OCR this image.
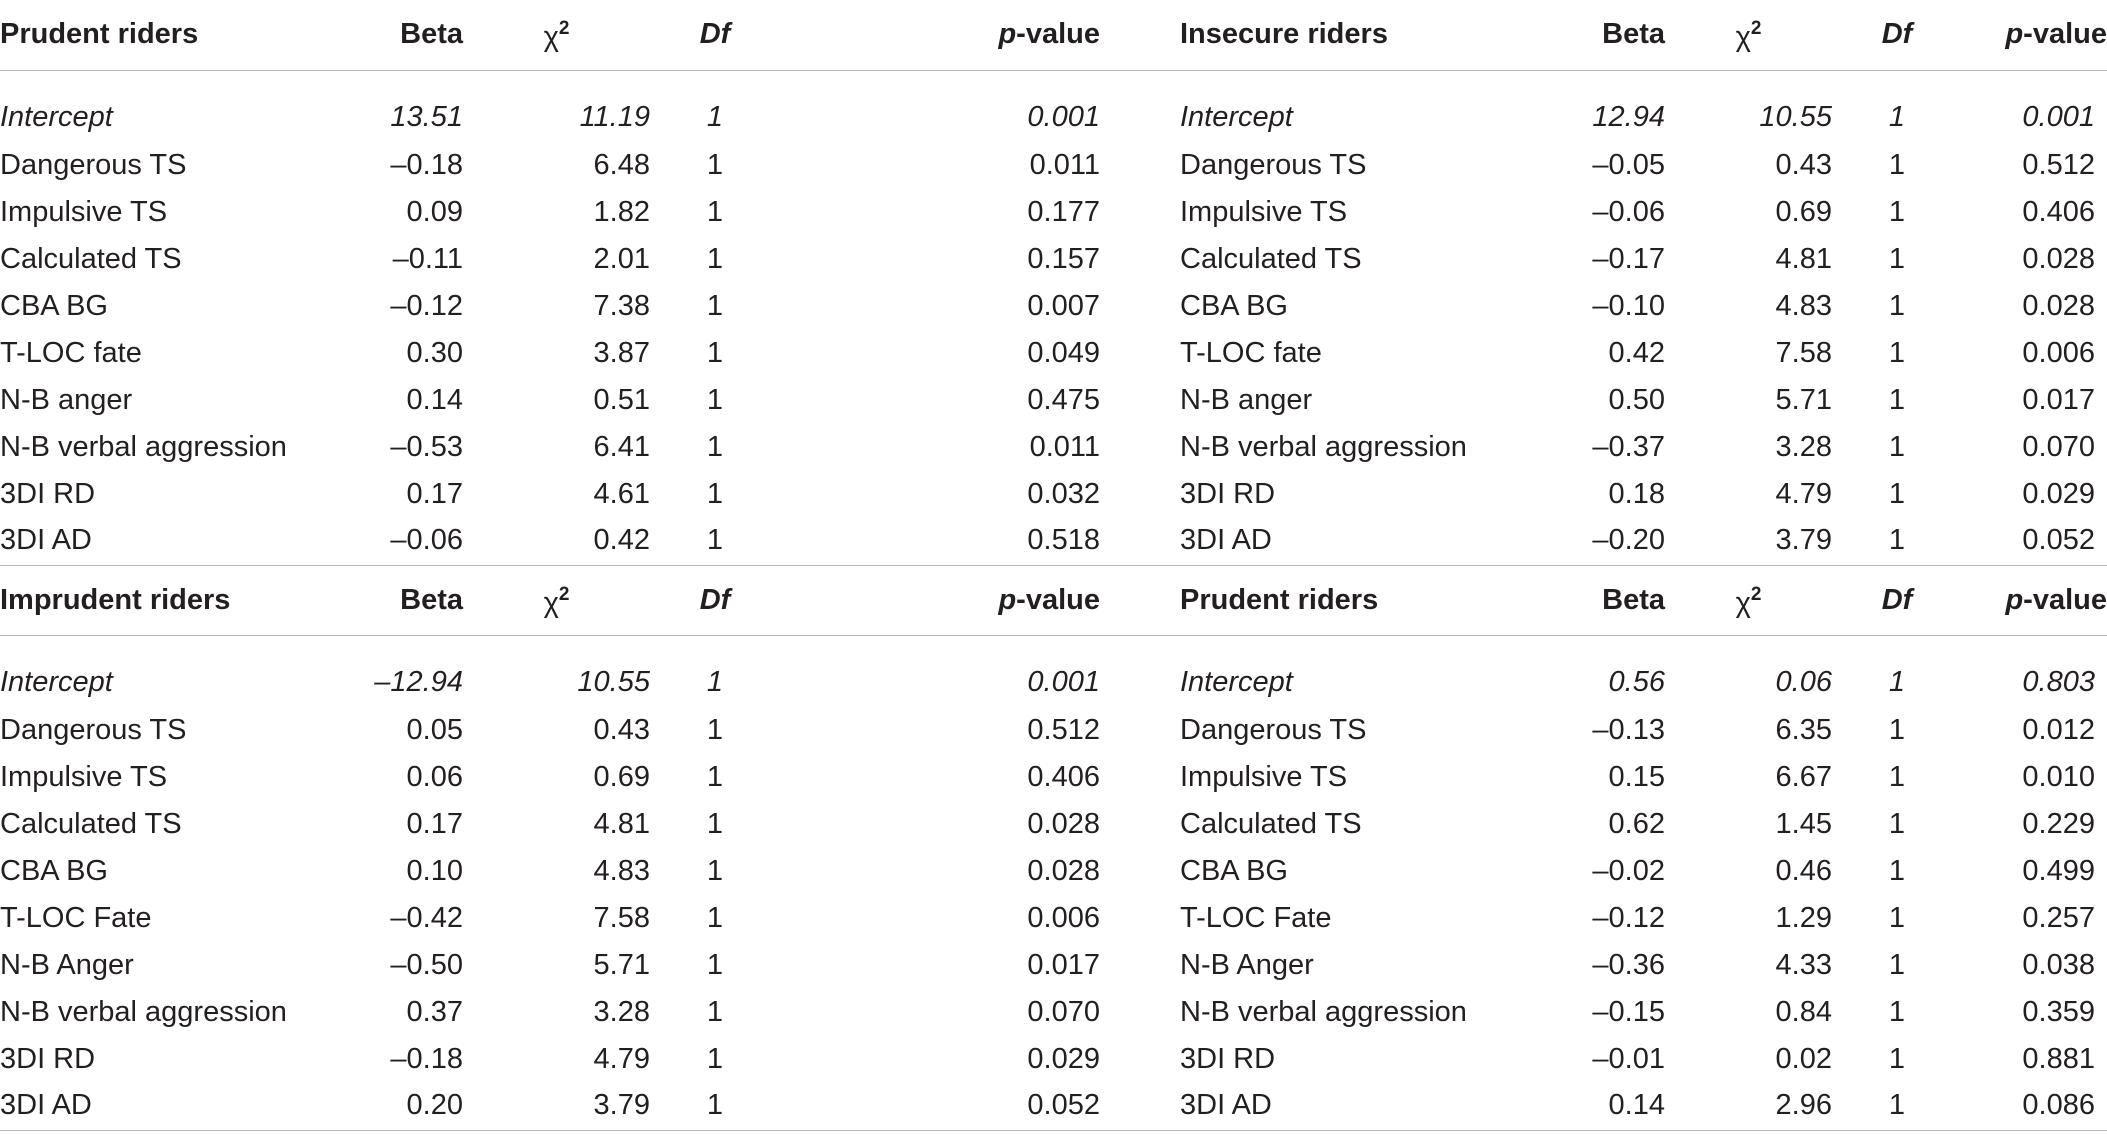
Prudent riders	Beta	$\chi^2$	Df	p-value	Insecure riders	Beta	$\chi^2$	Df	p-value
Intercept	13.51	11.19	1	0.001	Intercept	12.94	10.55	1	0.001
Dangerous TS	–0.18	6.48	1	0.011	Dangerous TS	–0.05	0.43	1	0.512
Impulsive TS	0.09	1.82	1	0.177	Impulsive TS	–0.06	0.69	1	0.406
Calculated TS	–0.11	2.01	1	0.157	Calculated TS	–0.17	4.81	1	0.028
CBA BG	–0.12	7.38	1	0.007	CBA BG	–0.10	4.83	1	0.028
T-LOC fate	0.30	3.87	1	0.049	T-LOC fate	0.42	7.58	1	0.006
N-B anger	0.14	0.51	1	0.475	N-B anger	0.50	5.71	1	0.017
N-B verbal aggression	–0.53	6.41	1	0.011	N-B verbal aggression	–0.37	3.28	1	0.070
3DI RD	0.17	4.61	1	0.032	3DI RD	0.18	4.79	1	0.029
3DI AD	–0.06	0.42	1	0.518	3DI AD	–0.20	3.79	1	0.052
Imprudent riders	Beta	$\chi^2$	Df	p-value	Prudent riders	Beta	$\chi^2$	Df	p-value
Intercept	–12.94	10.55	1	0.001	Intercept	0.56	0.06	1	0.803
Dangerous TS	0.05	0.43	1	0.512	Dangerous TS	–0.13	6.35	1	0.012
Impulsive TS	0.06	0.69	1	0.406	Impulsive TS	0.15	6.67	1	0.010
Calculated TS	0.17	4.81	1	0.028	Calculated TS	0.62	1.45	1	0.229
CBA BG	0.10	4.83	1	0.028	CBA BG	–0.02	0.46	1	0.499
T-LOC Fate	–0.42	7.58	1	0.006	T-LOC Fate	–0.12	1.29	1	0.257
N-B Anger	–0.50	5.71	1	0.017	N-B Anger	–0.36	4.33	1	0.038
N-B verbal aggression	0.37	3.28	1	0.070	N-B verbal aggression	–0.15	0.84	1	0.359
3DI RD	–0.18	4.79	1	0.029	3DI RD	–0.01	0.02	1	0.881
3DI AD	0.20	3.79	1	0.052	3DI AD	0.14	2.96	1	0.086
